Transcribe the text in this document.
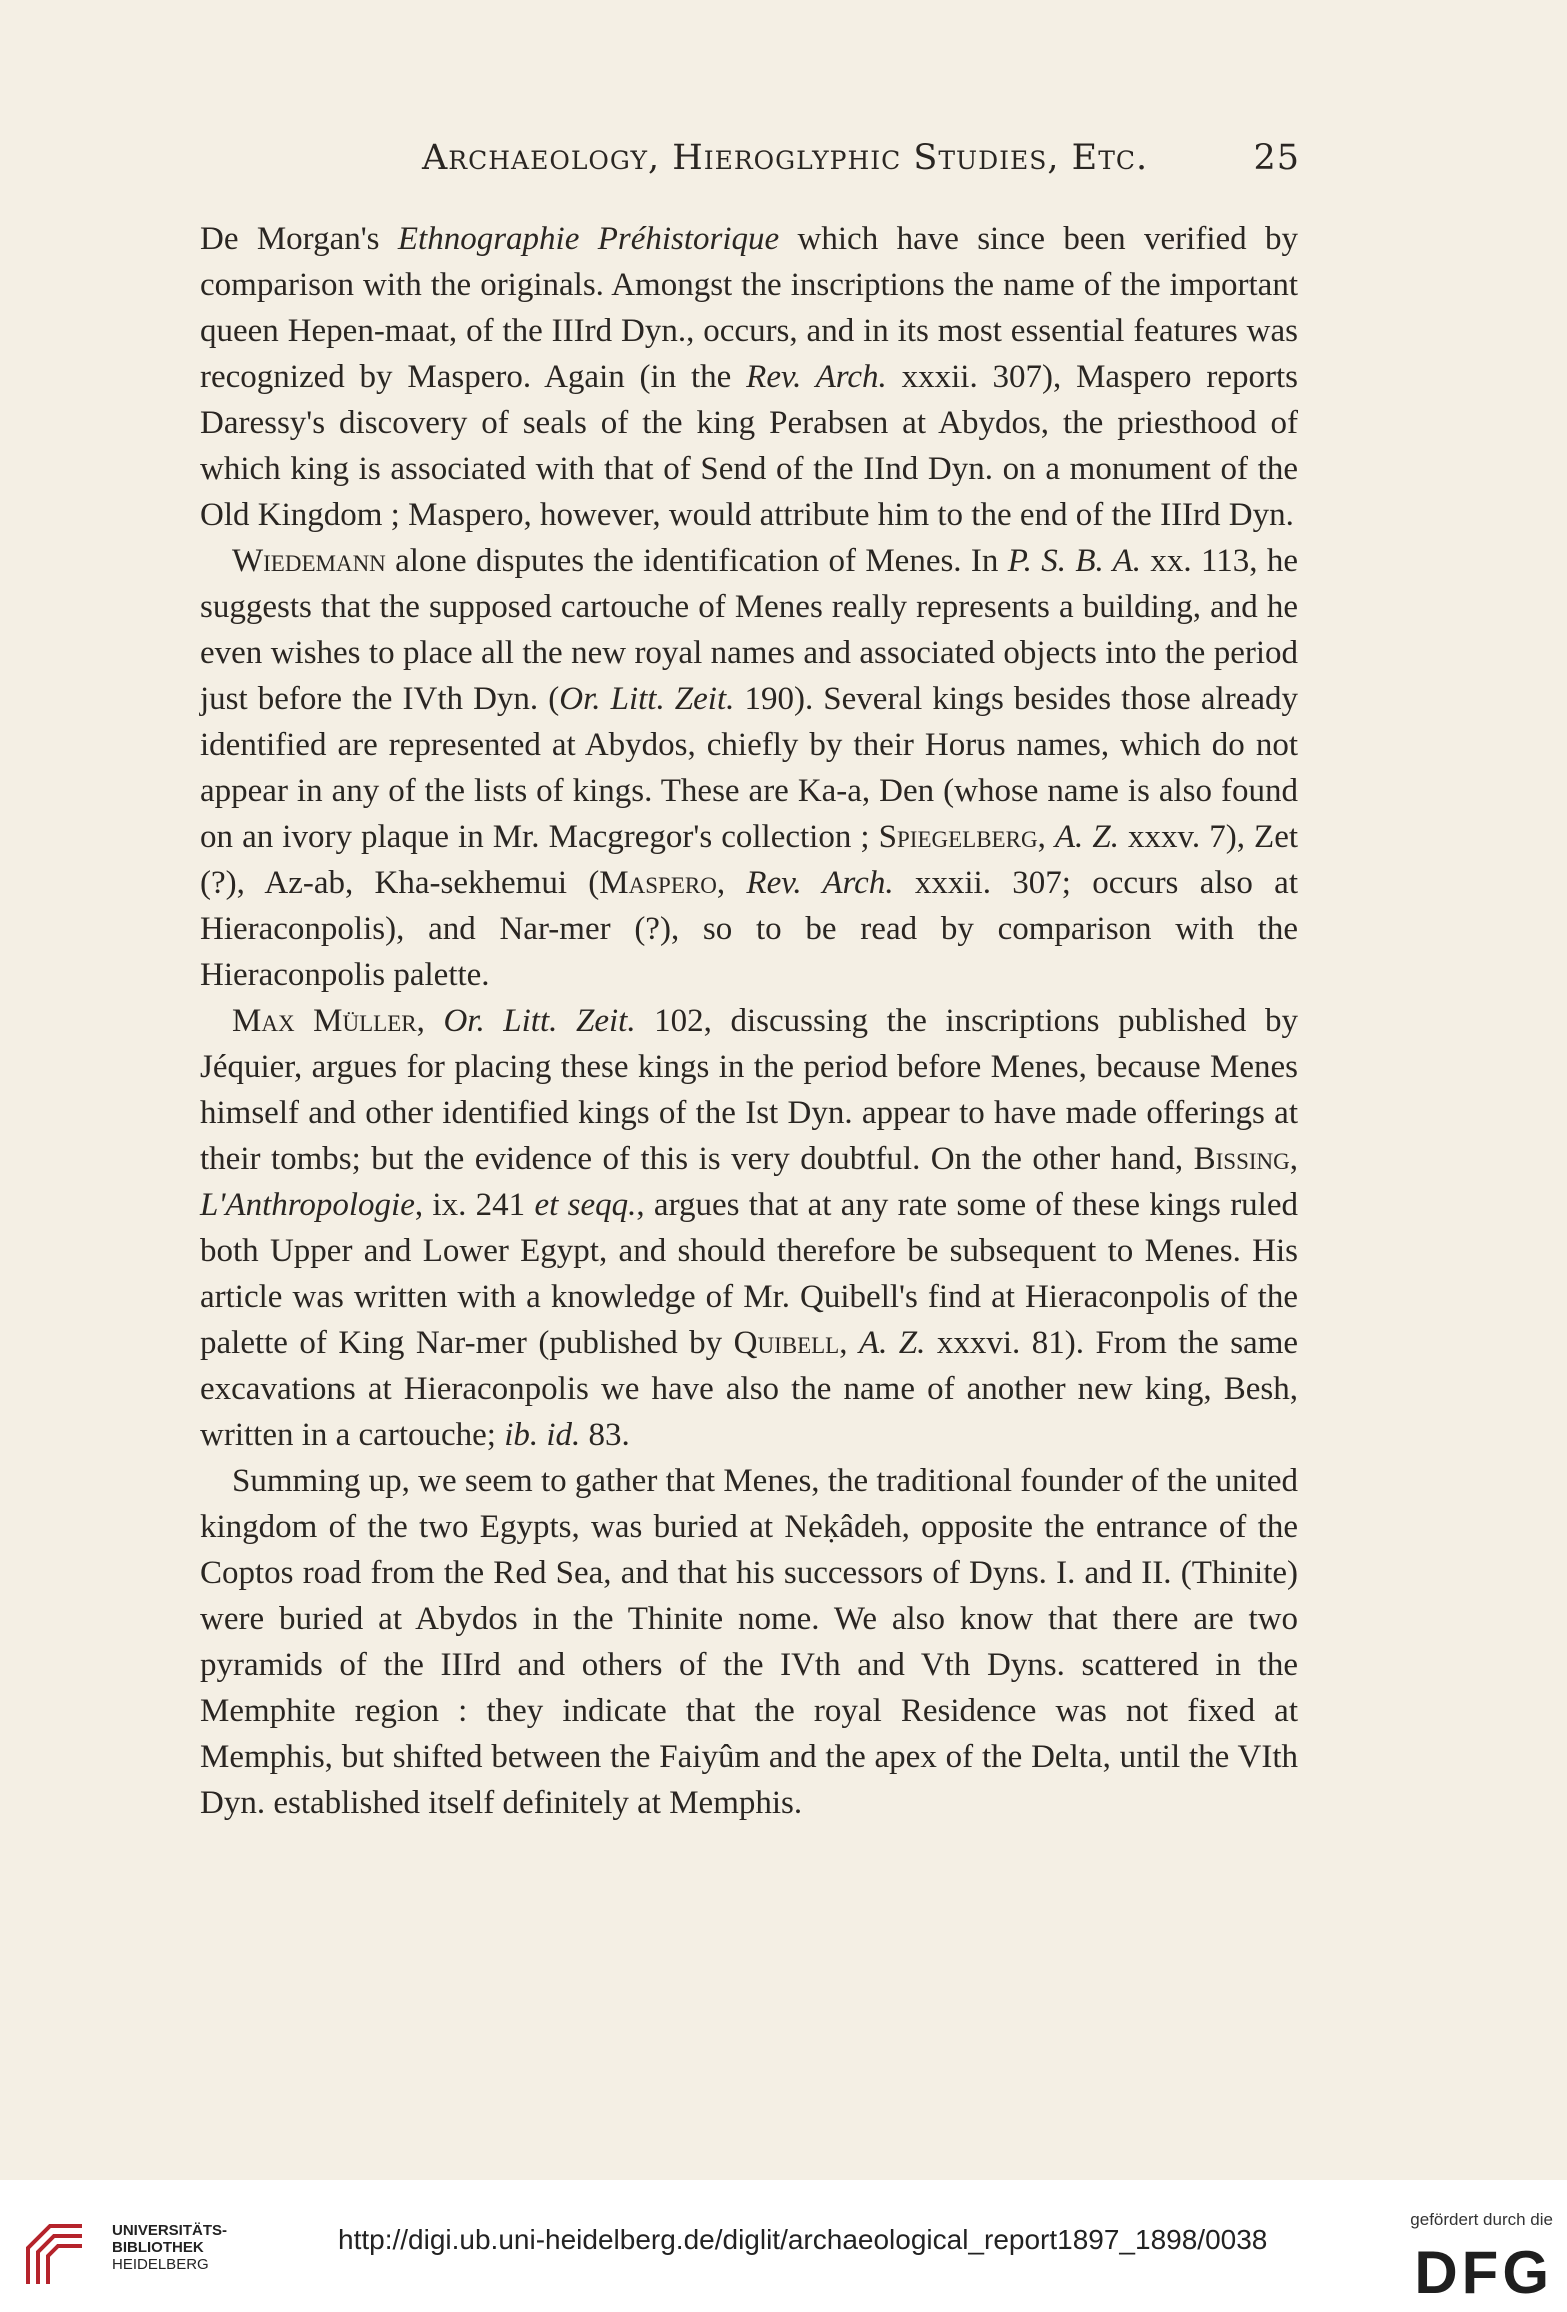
Archaeology, Hieroglyphic Studies, Etc.	25

De Morgan's Ethnographie Préhistorique which have since been verified by comparison with the originals. Amongst the inscriptions the name of the important queen Hepen-maat, of the IIIrd Dyn., occurs, and in its most essential features was recognized by Maspero. Again (in the Rev. Arch. xxxii. 307), Maspero reports Daressy's discovery of seals of the king Perabsen at Abydos, the priesthood of which king is associated with that of Send of the IInd Dyn. on a monument of the Old Kingdom ; Maspero, however, would attribute him to the end of the IIIrd Dyn.

Wiedemann alone disputes the identification of Menes. In P. S. B. A. xx. 113, he suggests that the supposed cartouche of Menes really represents a building, and he even wishes to place all the new royal names and associated objects into the period just before the IVth Dyn. (Or. Litt. Zeit. 190). Several kings besides those already identified are represented at Abydos, chiefly by their Horus names, which do not appear in any of the lists of kings. These are Ka-a, Den (whose name is also found on an ivory plaque in Mr. Macgregor's collection ; Spiegelberg, A. Z. xxxv. 7), Zet (?), Az-ab, Kha-sekhemui (Maspero, Rev. Arch. xxxii. 307; occurs also at Hieraconpolis), and Nar-mer (?), so to be read by comparison with the Hieraconpolis palette.

Max Müller, Or. Litt. Zeit. 102, discussing the inscriptions published by Jéquier, argues for placing these kings in the period before Menes, because Menes himself and other identified kings of the Ist Dyn. appear to have made offerings at their tombs; but the evidence of this is very doubtful. On the other hand, Bissing, L'Anthropologie, ix. 241 et seqq., argues that at any rate some of these kings ruled both Upper and Lower Egypt, and should therefore be subsequent to Menes. His article was written with a knowledge of Mr. Quibell's find at Hieraconpolis of the palette of King Nar-mer (published by Quibell, A. Z. xxxvi. 81). From the same excavations at Hieraconpolis we have also the name of another new king, Besh, written in a cartouche; ib. id. 83.

Summing up, we seem to gather that Menes, the traditional founder of the united kingdom of the two Egypts, was buried at Neḳâdeh, opposite the entrance of the Coptos road from the Red Sea, and that his successors of Dyns. I. and II. (Thinite) were buried at Abydos in the Thinite nome. We also know that there are two pyramids of the IIIrd and others of the IVth and Vth Dyns. scattered in the Memphite region : they indicate that the royal Residence was not fixed at Memphis, but shifted between the Faiyûm and the apex of the Delta, until the VIth Dyn. established itself definitely at Memphis.

UNIVERSITÄTS-
BIBLIOTHEK
HEIDELBERG
http://digi.ub.uni-heidelberg.de/diglit/archaeological_report1897_1898/0038
gefördert durch die
DFG
